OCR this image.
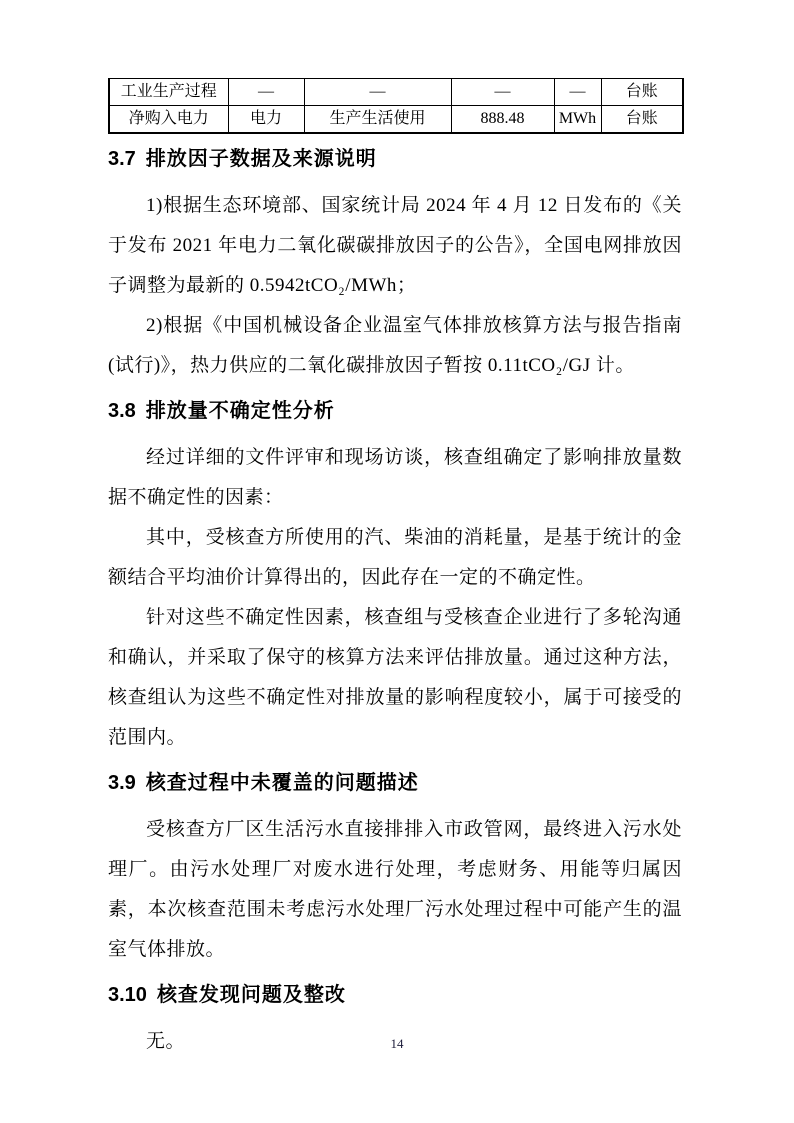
工业生产过程	—	—	—	—	台账
净购入电力	电力	生产生活使用	888.48	MWh	台账
3.7 排放因子数据及来源说明

1)根据生态环境部、国家统计局 2024 年 4 月 12 日发布的《关于发布 2021 年电力二氧化碳碳排放因子的公告》，全国电网排放因子调整为最新的 0.5942tCO₂/MWh；

2)根据《中国机械设备企业温室气体排放核算方法与报告指南(试行)》，热力供应的二氧化碳排放因子暂按 0.11tCO₂/GJ 计。

3.8 排放量不确定性分析

经过详细的文件评审和现场访谈，核查组确定了影响排放量数据不确定性的因素：

其中，受核查方所使用的汽、柴油的消耗量，是基于统计的金额结合平均油价计算得出的，因此存在一定的不确定性。

针对这些不确定性因素，核查组与受核查企业进行了多轮沟通和确认，并采取了保守的核算方法来评估排放量。通过这种方法，核查组认为这些不确定性对排放量的影响程度较小，属于可接受的范围内。

3.9 核查过程中未覆盖的问题描述

受核查方厂区生活污水直接排排入市政管网，最终进入污水处理厂。由污水处理厂对废水进行处理，考虑财务、用能等归属因素，本次核查范围未考虑污水处理厂污水处理过程中可能产生的温室气体排放。

3.10 核查发现问题及整改

无。	14
